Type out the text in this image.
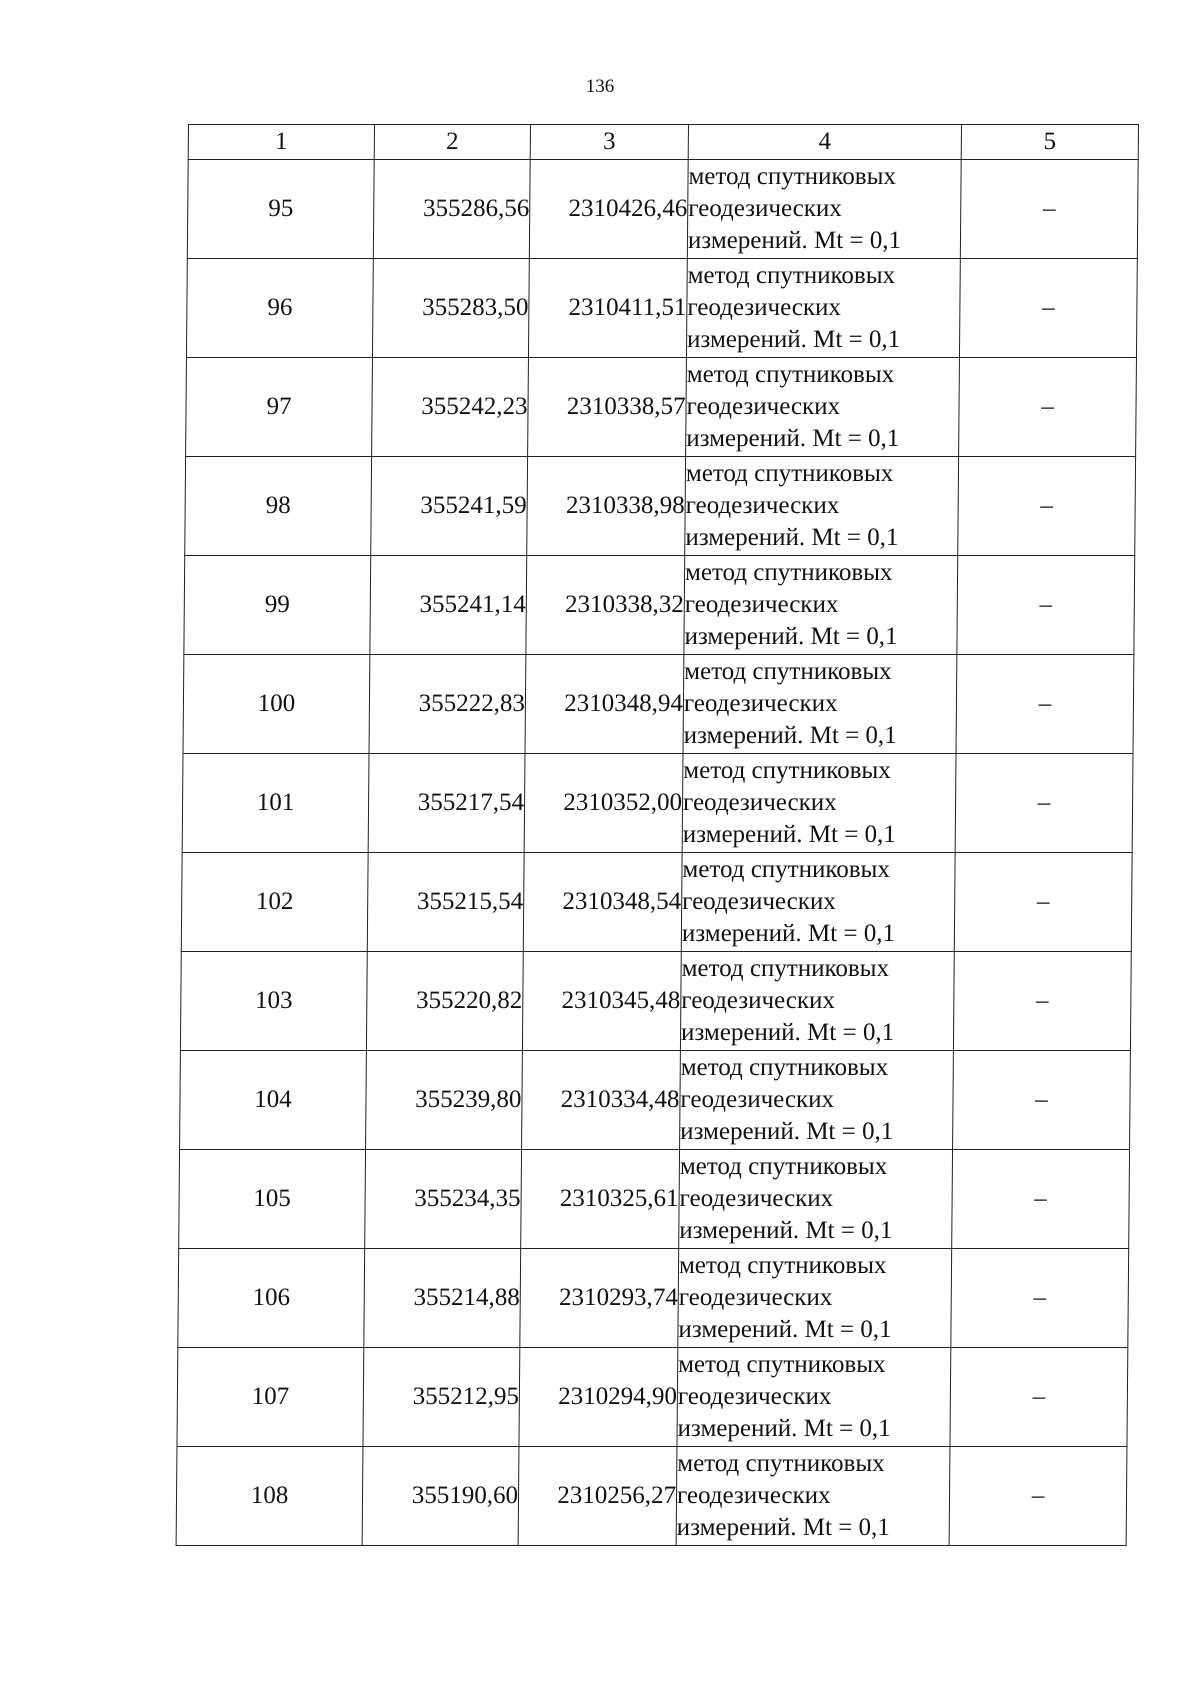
136
1	2	3	4	5
95	355286,56	2310426,46	метод спутниковых
геодезических
измерений. Mt = 0,1	–
96	355283,50	2310411,51	метод спутниковых
геодезических
измерений. Mt = 0,1	–
97	355242,23	2310338,57	метод спутниковых
геодезических
измерений. Mt = 0,1	–
98	355241,59	2310338,98	метод спутниковых
геодезических
измерений. Mt = 0,1	–
99	355241,14	2310338,32	метод спутниковых
геодезических
измерений. Mt = 0,1	–
100	355222,83	2310348,94	метод спутниковых
геодезических
измерений. Mt = 0,1	–
101	355217,54	2310352,00	метод спутниковых
геодезических
измерений. Mt = 0,1	–
102	355215,54	2310348,54	метод спутниковых
геодезических
измерений. Mt = 0,1	–
103	355220,82	2310345,48	метод спутниковых
геодезических
измерений. Mt = 0,1	–
104	355239,80	2310334,48	метод спутниковых
геодезических
измерений. Mt = 0,1	–
105	355234,35	2310325,61	метод спутниковых
геодезических
измерений. Mt = 0,1	–
106	355214,88	2310293,74	метод спутниковых
геодезических
измерений. Mt = 0,1	–
107	355212,95	2310294,90	метод спутниковых
геодезических
измерений. Mt = 0,1	–
108	355190,60	2310256,27	метод спутниковых
геодезических
измерений. Mt = 0,1	–
